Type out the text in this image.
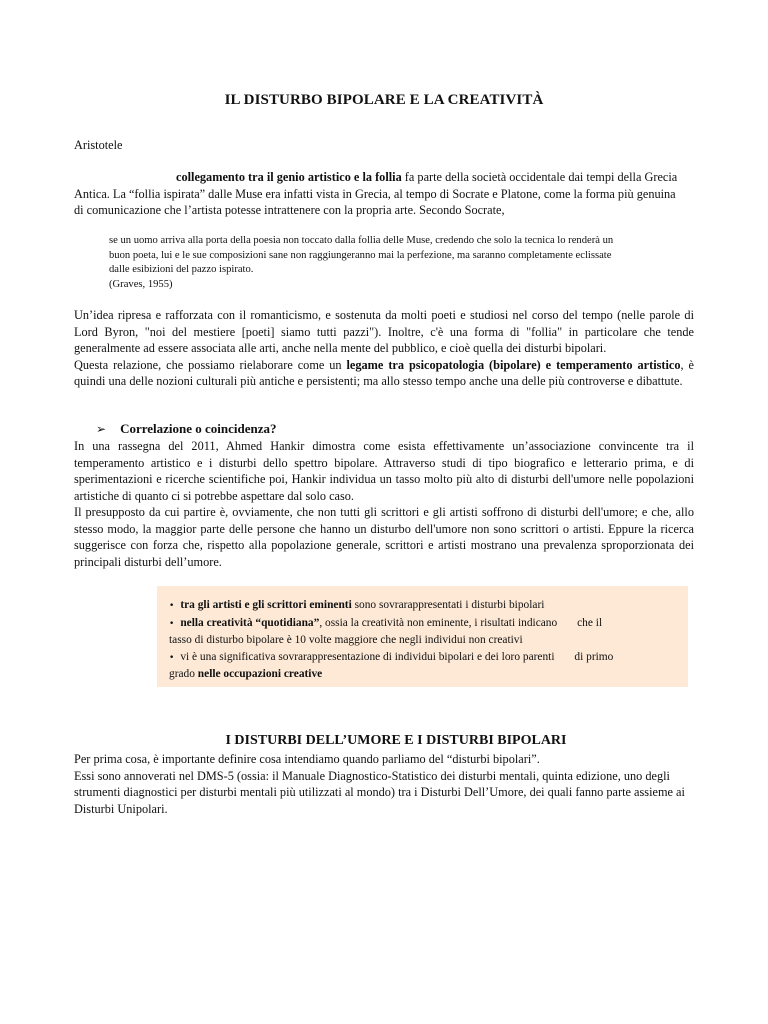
IL DISTURBO BIPOLARE E LA CREATIVITÀ

Aristotele

collegamento tra il genio artistico e la follia fa parte della società occidentale dai tempi della Grecia
Antica. La “follia ispirata” dalle Muse era infatti vista in Grecia, al tempo di Socrate e Platone, come la forma più genuina
di comunicazione che l’artista potesse intrattenere con la propria arte. Secondo Socrate,

se un uomo arriva alla porta della poesia non toccato dalla follia delle Muse, credendo che solo la tecnica lo renderà un
buon poeta, lui e le sue composizioni sane non raggiungeranno mai la perfezione, ma saranno completamente eclissate
dalle esibizioni del pazzo ispirato.
(Graves, 1955)
Un’idea ripresa e rafforzata con il romanticismo, e sostenuta da molti poeti e studiosi nel corso del tempo (nelle parole di Lord Byron, "noi del mestiere [poeti] siamo tutti pazzi"). Inoltre, c'è una forma di "follia" in particolare che tende generalmente ad essere associata alle arti, anche nella mente del pubblico, e cioè quella dei disturbi bipolari.
Questa relazione, che possiamo rielaborare come un legame tra psicopatologia (bipolare) e temperamento artistico, è quindi una delle nozioni culturali più antiche e persistenti; ma allo stesso tempo anche una delle più controverse e dibattute.
➢ Correlazione o coincidenza?
In una rassegna del 2011, Ahmed Hankir dimostra come esista effettivamente un’associazione convincente tra il temperamento artistico e i disturbi dello spettro bipolare. Attraverso studi di tipo biografico e letterario prima, e di sperimentazioni e ricerche scientifiche poi, Hankir individua un tasso molto più alto di disturbi dell'umore nelle popolazioni artistiche di quanto ci si potrebbe aspettare dal solo caso.
Il presupposto da cui partire è, ovviamente, che non tutti gli scrittori e gli artisti soffrono di disturbi dell'umore; e che, allo stesso modo, la maggior parte delle persone che hanno un disturbo dell'umore non sono scrittori o artisti. Eppure la ricerca suggerisce con forza che, rispetto alla popolazione generale, scrittori e artisti mostrano una prevalenza sproporzionata dei principali disturbi dell’umore.
• tra gli artisti e gli scrittori eminenti sono sovrarappresentati i disturbi bipolari
• nella creatività “quotidiana”, ossia la creatività non eminente, i risultati indicano       che il
tasso di disturbo bipolare è 10 volte maggiore che negli individui non creativi
• vi è una significativa sovrarappresentazione di individui bipolari e dei loro parenti       di primo
grado nelle occupazioni creative
I DISTURBI DELL’UMORE E I DISTURBI BIPOLARI
Per prima cosa, è importante definire cosa intendiamo quando parliamo del “disturbi bipolari”.
Essi sono annoverati nel DMS-5 (ossia: il Manuale Diagnostico-Statistico dei disturbi mentali, quinta edizione, uno degli strumenti diagnostici per disturbi mentali più utilizzati al mondo) tra i Disturbi Dell’Umore, dei quali fanno parte assieme ai Disturbi Unipolari.
